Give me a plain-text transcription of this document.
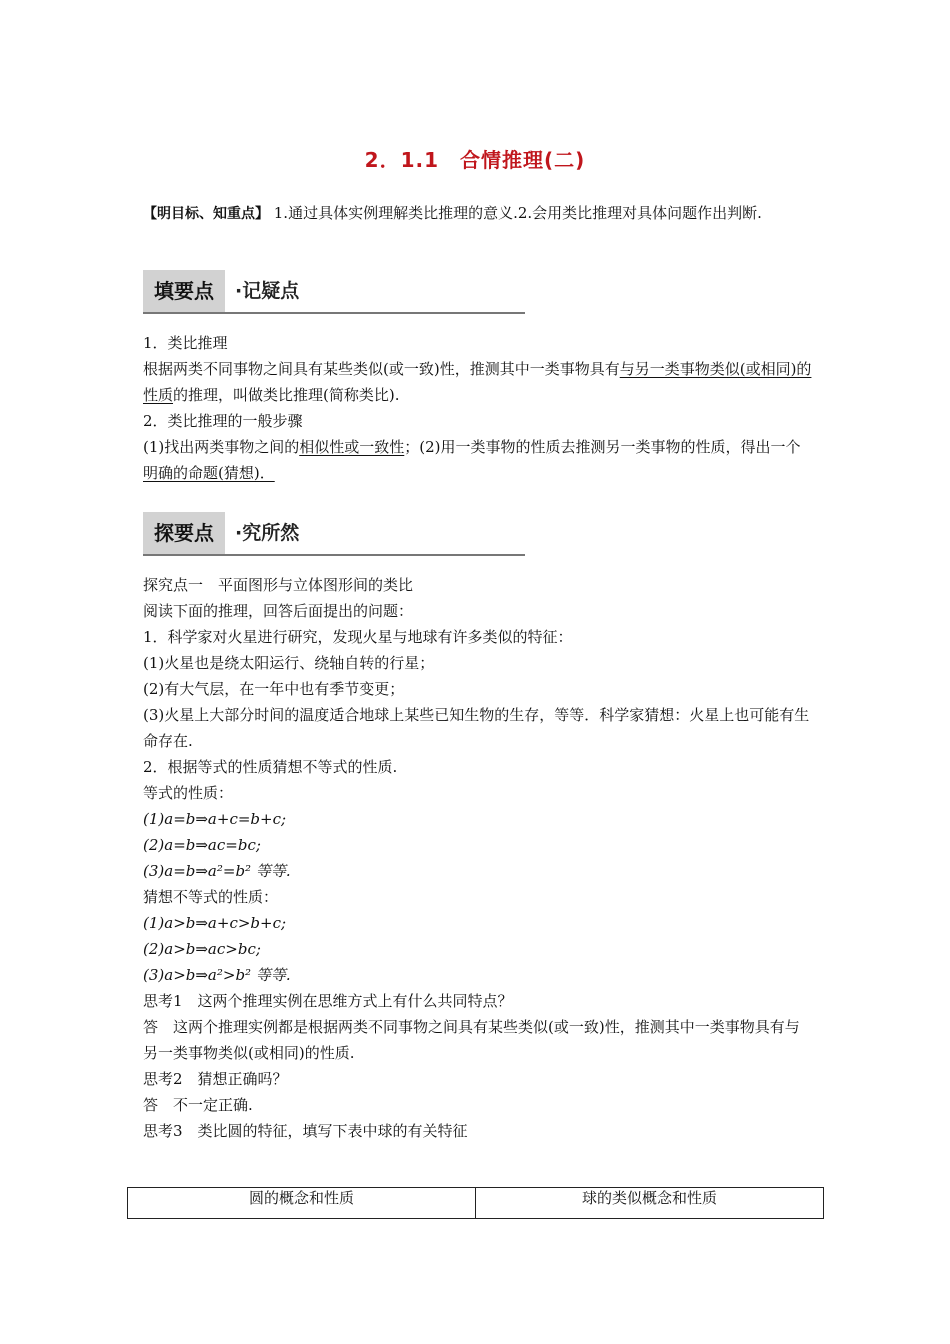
2．1.1　合情推理(二)
【明目标、知重点】 1.通过具体实例理解类比推理的意义.2.会用类比推理对具体问题作出判断.
填要点	·记疑点

1．类比推理

根据两类不同事物之间具有某些类似(或一致)性，推测其中一类事物具有与另一类事物类似(或相同)的性质的推理，叫做类比推理(简称类比).

2．类比推理的一般步骤

(1)找出两类事物之间的相似性或一致性；(2)用一类事物的性质去推测另一类事物的性质，得出一个明确的命题(猜想)．

探要点	·究所然

探究点一　平面图形与立体图形间的类比

阅读下面的推理，回答后面提出的问题：

1．科学家对火星进行研究，发现火星与地球有许多类似的特征：

(1)火星也是绕太阳运行、绕轴自转的行星；

(2)有大气层，在一年中也有季节变更；

(3)火星上大部分时间的温度适合地球上某些已知生物的生存，等等．科学家猜想：火星上也可能有生命存在.

2．根据等式的性质猜想不等式的性质.

等式的性质：

(1)a=b⇒a+c=b+c;

(2)a=b⇒ac=bc;

(3)a=b⇒a²=b² 等等.

猜想不等式的性质：

(1)a>b⇒a+c>b+c;

(2)a>b⇒ac>bc;

(3)a>b⇒a²>b² 等等.

思考1　这两个推理实例在思维方式上有什么共同特点？

答　这两个推理实例都是根据两类不同事物之间具有某些类似(或一致)性，推测其中一类事物具有与另一类事物类似(或相同)的性质.

思考2　猜想正确吗？

答　不一定正确.

思考3　类比圆的特征，填写下表中球的有关特征

圆的概念和性质	球的类似概念和性质
